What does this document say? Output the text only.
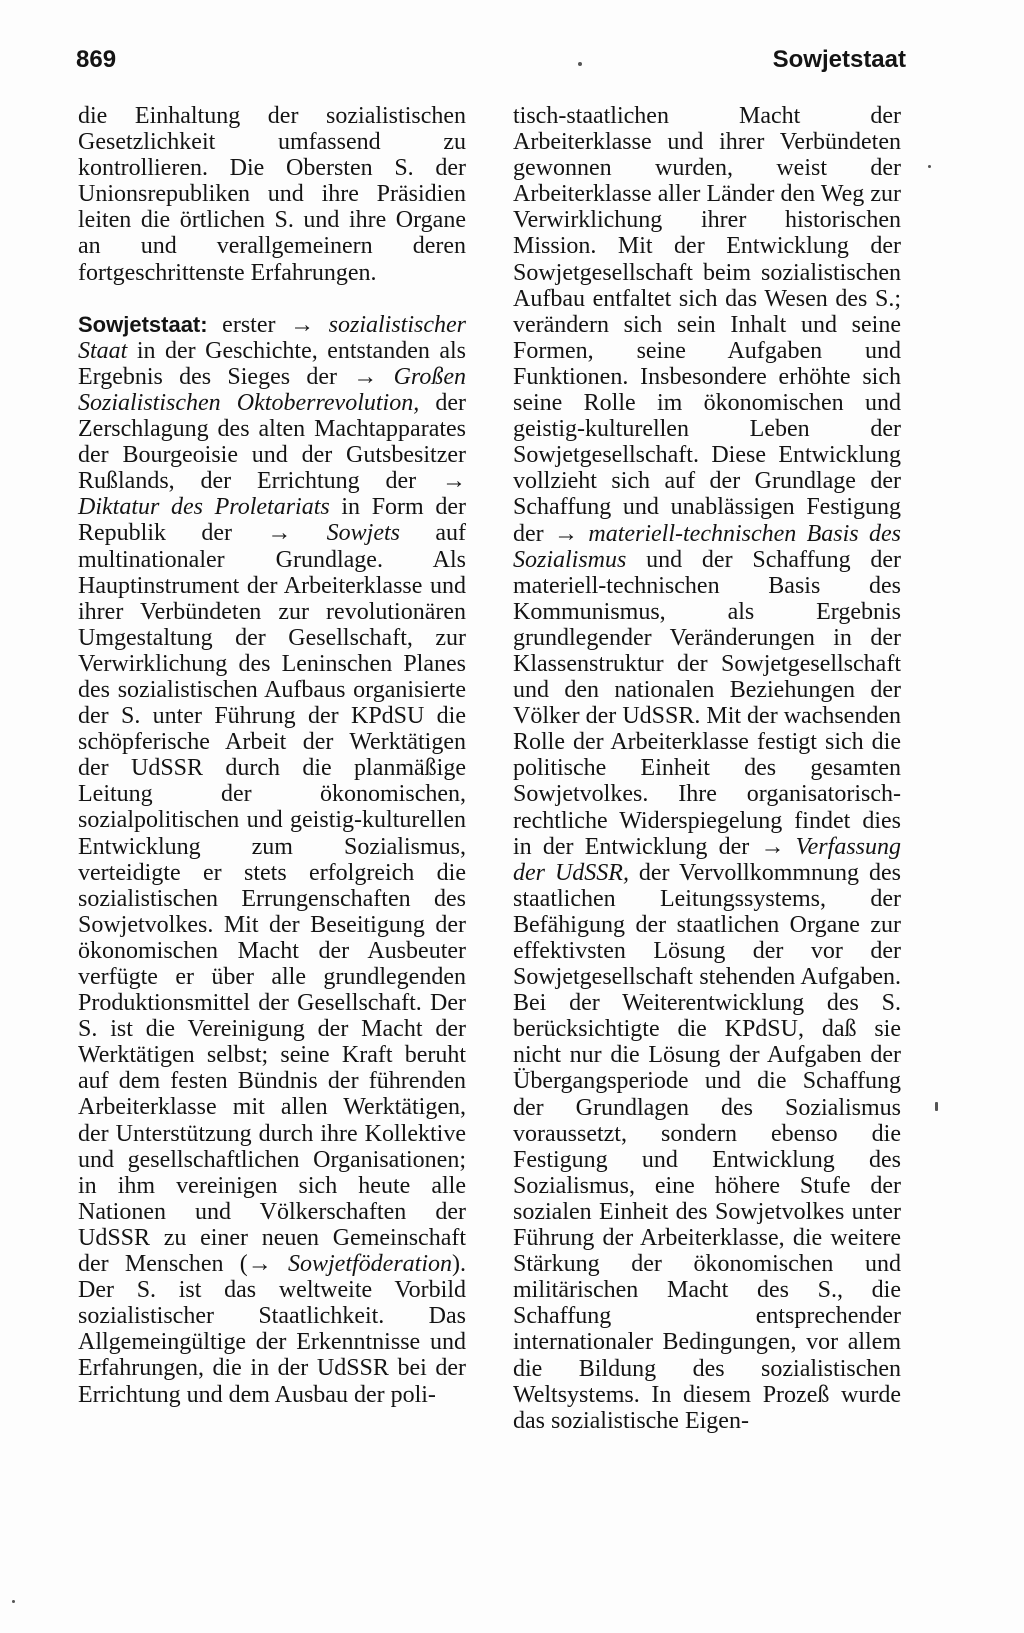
869	Sowjetstaat

die Einhaltung der sozialistischen Gesetzlichkeit umfassend zu kontrollieren. Die Obersten S. der Unionsrepubliken und ihre Präsidien leiten die örtlichen S. und ihre Organe an und verallgemeinern deren fortgeschrittenste Erfahrungen.

Sowjetstaat: erster → sozialistischer Staat in der Geschichte, entstanden als Ergebnis des Sieges der → Großen Sozialistischen Oktoberrevolution, der Zerschlagung des alten Machtapparates der Bourgeoisie und der Gutsbesitzer Rußlands, der Errichtung der → Diktatur des Proletariats in Form der Republik der → Sowjets auf multinationaler Grundlage. Als Hauptinstrument der Arbeiterklasse und ihrer Verbündeten zur revolutionären Umgestaltung der Gesellschaft, zur Verwirklichung des Leninschen Planes des sozialistischen Aufbaus organisierte der S. unter Führung der KPdSU die schöpferische Arbeit der Werktätigen der UdSSR durch die planmäßige Leitung der ökonomischen, sozialpolitischen und geistig-kulturellen Entwicklung zum Sozialismus, verteidigte er stets erfolgreich die sozialistischen Errungenschaften des Sowjetvolkes. Mit der Beseitigung der ökonomischen Macht der Ausbeuter verfügte er über alle grundlegenden Produktionsmittel der Gesellschaft. Der S. ist die Vereinigung der Macht der Werktätigen selbst; seine Kraft beruht auf dem festen Bündnis der führenden Arbeiterklasse mit allen Werktätigen, der Unterstützung durch ihre Kollektive und gesellschaftlichen Organisationen; in ihm vereinigen sich heute alle Nationen und Völkerschaften der UdSSR zu einer neuen Gemeinschaft der Menschen (→ Sowjetföderation). Der S. ist das weltweite Vorbild sozialistischer Staatlichkeit. Das Allgemeingültige der Erkenntnisse und Erfahrungen, die in der UdSSR bei der Errichtung und dem Ausbau der poli-

tisch-staatlichen Macht der Arbeiterklasse und ihrer Verbündeten gewonnen wurden, weist der Arbeiterklasse aller Länder den Weg zur Verwirklichung ihrer historischen Mission. Mit der Entwicklung der Sowjetgesellschaft beim sozialistischen Aufbau entfaltet sich das Wesen des S.; verändern sich sein Inhalt und seine Formen, seine Aufgaben und Funktionen. Insbesondere erhöhte sich seine Rolle im ökonomischen und geistig-kulturellen Leben der Sowjetgesellschaft. Diese Entwicklung vollzieht sich auf der Grundlage der Schaffung und unablässigen Festigung der → materiell-technischen Basis des Sozialismus und der Schaffung der materiell-technischen Basis des Kommunismus, als Ergebnis grundlegender Veränderungen in der Klassenstruktur der Sowjetgesellschaft und den nationalen Beziehungen der Völker der UdSSR. Mit der wachsenden Rolle der Arbeiterklasse festigt sich die politische Einheit des gesamten Sowjetvolkes. Ihre organisatorisch-rechtliche Widerspiegelung findet dies in der Entwicklung der → Verfassung der UdSSR, der Vervollkommnung des staatlichen Leitungssystems, der Befähigung der staatlichen Organe zur effektivsten Lösung der vor der Sowjetgesellschaft stehenden Aufgaben. Bei der Weiterentwicklung des S. berücksichtigte die KPdSU, daß sie nicht nur die Lösung der Aufgaben der Übergangsperiode und die Schaffung der Grundlagen des Sozialismus voraussetzt, sondern ebenso die Festigung und Entwicklung des Sozialismus, eine höhere Stufe der sozialen Einheit des Sowjetvolkes unter Führung der Arbeiterklasse, die weitere Stärkung der ökonomischen und militärischen Macht des S., die Schaffung entsprechender internationaler Bedingungen, vor allem die Bildung des sozialistischen Weltsystems. In diesem Prozeß wurde das sozialistische Eigen-
